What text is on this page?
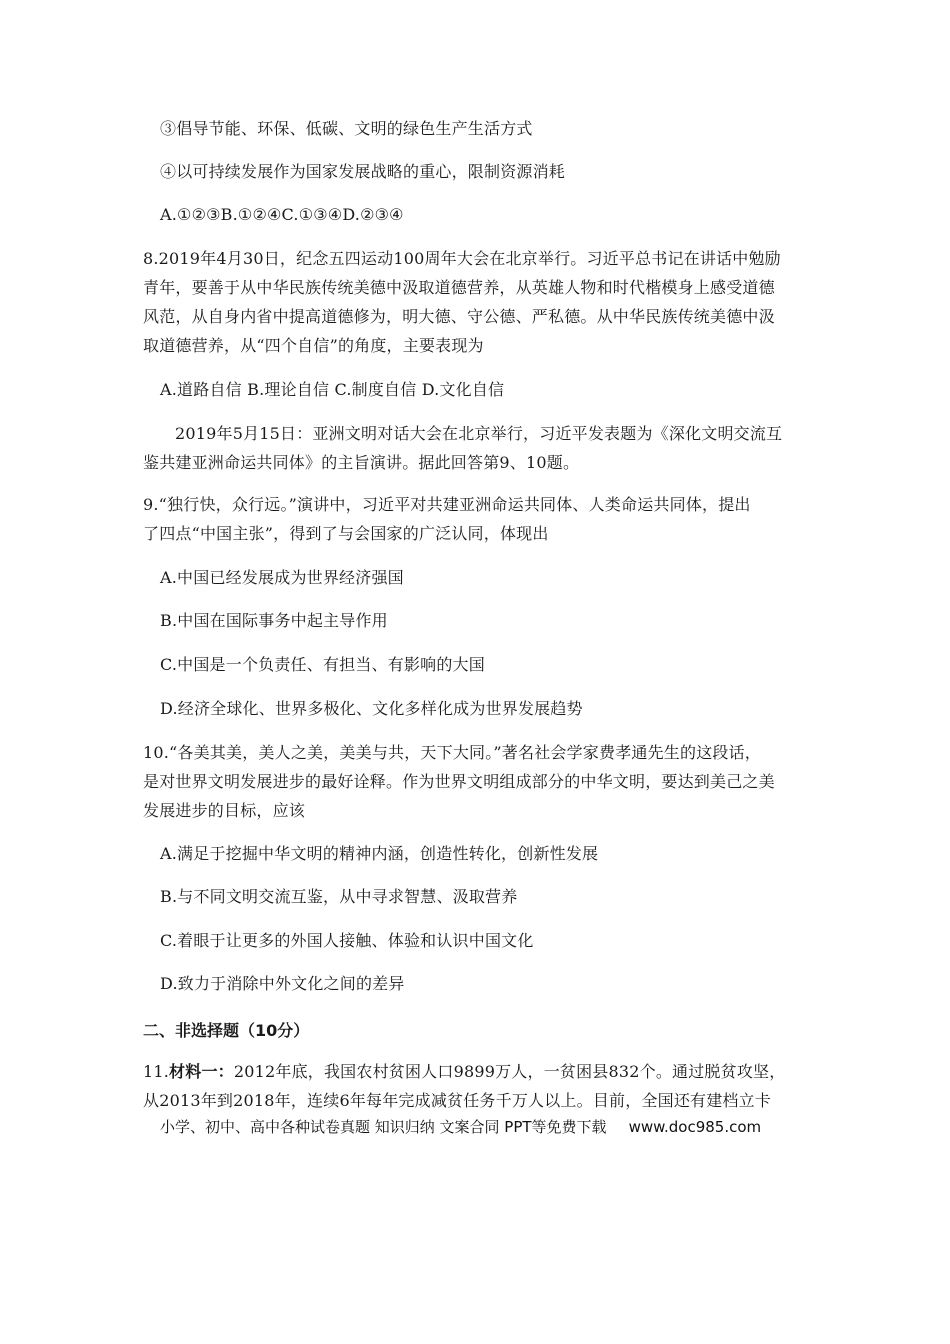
③倡导节能、环保、低碳、文明的绿色生产生活方式
④以可持续发展作为国家发展战略的重心，限制资源消耗
A.①②③B.①②④C.①③④D.②③④
8.2019年4月30日，纪念五四运动100周年大会在北京举行。习近平总书记在讲话中勉励
青年，要善于从中华民族传统美德中汲取道德营养，从英雄人物和时代楷模身上感受道德
风范，从自身内省中提高道德修为，明大德、守公德、严私德。从中华民族传统美德中汲
取道德营养，从“四个自信”的角度，主要表现为
A.道路自信 B.理论自信 C.制度自信 D.文化自信
2019年5月15日：亚洲文明对话大会在北京举行，习近平发表题为《深化文明交流互
鉴共建亚洲命运共同体》的主旨演讲。据此回答第9、10题。
9.“独行快，众行远。”演讲中，习近平对共建亚洲命运共同体、人类命运共同体，提出
了四点“中国主张”，得到了与会国家的广泛认同，体现出
A.中国已经发展成为世界经济强国
B.中国在国际事务中起主导作用
C.中国是一个负责任、有担当、有影响的大国
D.经济全球化、世界多极化、文化多样化成为世界发展趋势
10.“各美其美，美人之美，美美与共，天下大同。”著名社会学家费孝通先生的这段话，
是对世界文明发展进步的最好诠释。作为世界文明组成部分的中华文明，要达到美己之美
发展进步的目标，应该
A.满足于挖掘中华文明的精神内涵，创造性转化，创新性发展
B.与不同文明交流互鉴，从中寻求智慧、汲取营养
C.着眼于让更多的外国人接触、体验和认识中国文化
D.致力于消除中外文化之间的差异
二、非选择题（10分）
11.材料一：2012年底，我国农村贫困人口9899万人，一贫困县832个。通过脱贫攻坚，
从2013年到2018年，连续6年每年完成减贫任务千万人以上。目前，全国还有建档立卡
小学、初中、高中各种试卷真题 知识归纳 文案合同 PPT等免费下载 www.doc985.com
